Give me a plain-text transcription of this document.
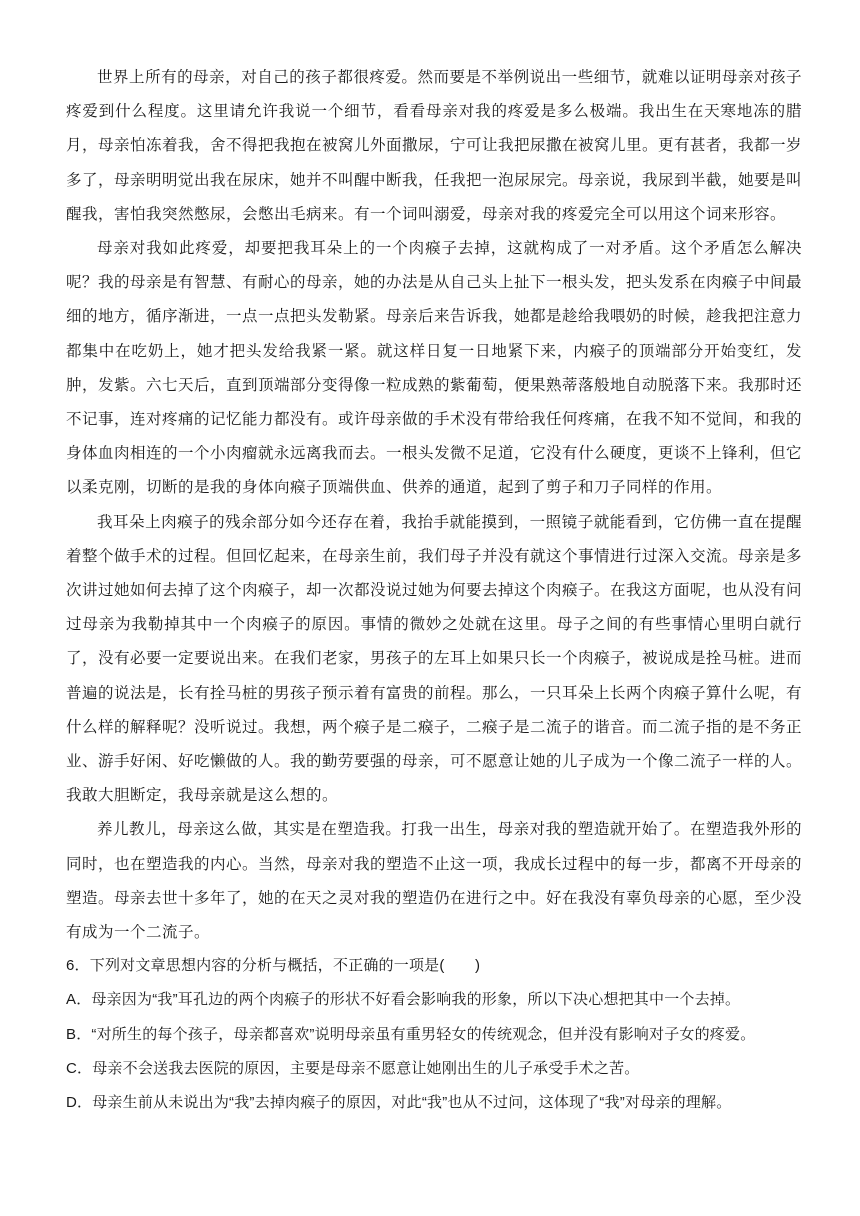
世界上所有的母亲，对自己的孩子都很疼爱。然而要是不举例说出一些细节，就难以证明母亲对孩子疼爱到什么程度。这里请允许我说一个细节，看看母亲对我的疼爱是多么极端。我出生在天寒地冻的腊月，母亲怕冻着我，舍不得把我抱在被窝儿外面撒尿，宁可让我把尿撒在被窝儿里。更有甚者，我都一岁多了，母亲明明觉出我在尿床，她并不叫醒中断我，任我把一泡尿尿完。母亲说，我尿到半截，她要是叫醒我，害怕我突然憋尿，会憋出毛病来。有一个词叫溺爱，母亲对我的疼爱完全可以用这个词来形容。

母亲对我如此疼爱，却要把我耳朵上的一个肉瘊子去掉，这就构成了一对矛盾。这个矛盾怎么解决呢？我的母亲是有智慧、有耐心的母亲，她的办法是从自己头上扯下一根头发，把头发系在肉瘊子中间最细的地方，循序渐进，一点一点把头发勒紧。母亲后来告诉我，她都是趁给我喂奶的时候，趁我把注意力都集中在吃奶上，她才把头发给我紧一紧。就这样日复一日地紧下来，内瘊子的顶端部分开始变红，发肿，发紫。六七天后，直到顶端部分变得像一粒成熟的紫葡萄，便果熟蒂落般地自动脱落下来。我那时还不记事，连对疼痛的记忆能力都没有。或许母亲做的手术没有带给我任何疼痛，在我不知不觉间，和我的身体血肉相连的一个小肉瘤就永远离我而去。一根头发微不足道，它没有什么硬度，更谈不上锋利，但它以柔克刚，切断的是我的身体向瘊子顶端供血、供养的通道，起到了剪子和刀子同样的作用。

我耳朵上肉瘊子的残余部分如今还存在着，我抬手就能摸到，一照镜子就能看到，它仿佛一直在提醒着整个做手术的过程。但回忆起来，在母亲生前，我们母子并没有就这个事情进行过深入交流。母亲是多次讲过她如何去掉了这个肉瘊子，却一次都没说过她为何要去掉这个肉瘊子。在我这方面呢，也从没有问过母亲为我勒掉其中一个肉瘊子的原因。事情的微妙之处就在这里。母子之间的有些事情心里明白就行了，没有必要一定要说出来。在我们老家，男孩子的左耳上如果只长一个肉瘊子，被说成是拴马桩。进而普遍的说法是，长有拴马桩的男孩子预示着有富贵的前程。那么，一只耳朵上长两个肉瘊子算什么呢，有什么样的解释呢？没听说过。我想，两个瘊子是二瘊子，二瘊子是二流子的谐音。而二流子指的是不务正业、游手好闲、好吃懒做的人。我的勤劳要强的母亲，可不愿意让她的儿子成为一个像二流子一样的人。我敢大胆断定，我母亲就是这么想的。

养儿教儿，母亲这么做，其实是在塑造我。打我一出生，母亲对我的塑造就开始了。在塑造我外形的同时，也在塑造我的内心。当然，母亲对我的塑造不止这一项，我成长过程中的每一步，都离不开母亲的塑造。母亲去世十多年了，她的在天之灵对我的塑造仍在进行之中。好在我没有辜负母亲的心愿，至少没有成为一个二流子。

6．下列对文章思想内容的分析与概括，不正确的一项是(　　)
A．母亲因为“我”耳孔边的两个肉瘊子的形状不好看会影响我的形象，所以下决心想把其中一个去掉。
B．“对所生的每个孩子，母亲都喜欢”说明母亲虽有重男轻女的传统观念，但并没有影响对子女的疼爱。
C．母亲不会送我去医院的原因，主要是母亲不愿意让她刚出生的儿子承受手术之苦。
D．母亲生前从未说出为“我”去掉肉瘊子的原因，对此“我”也从不过问，这体现了“我”对母亲的理解。
